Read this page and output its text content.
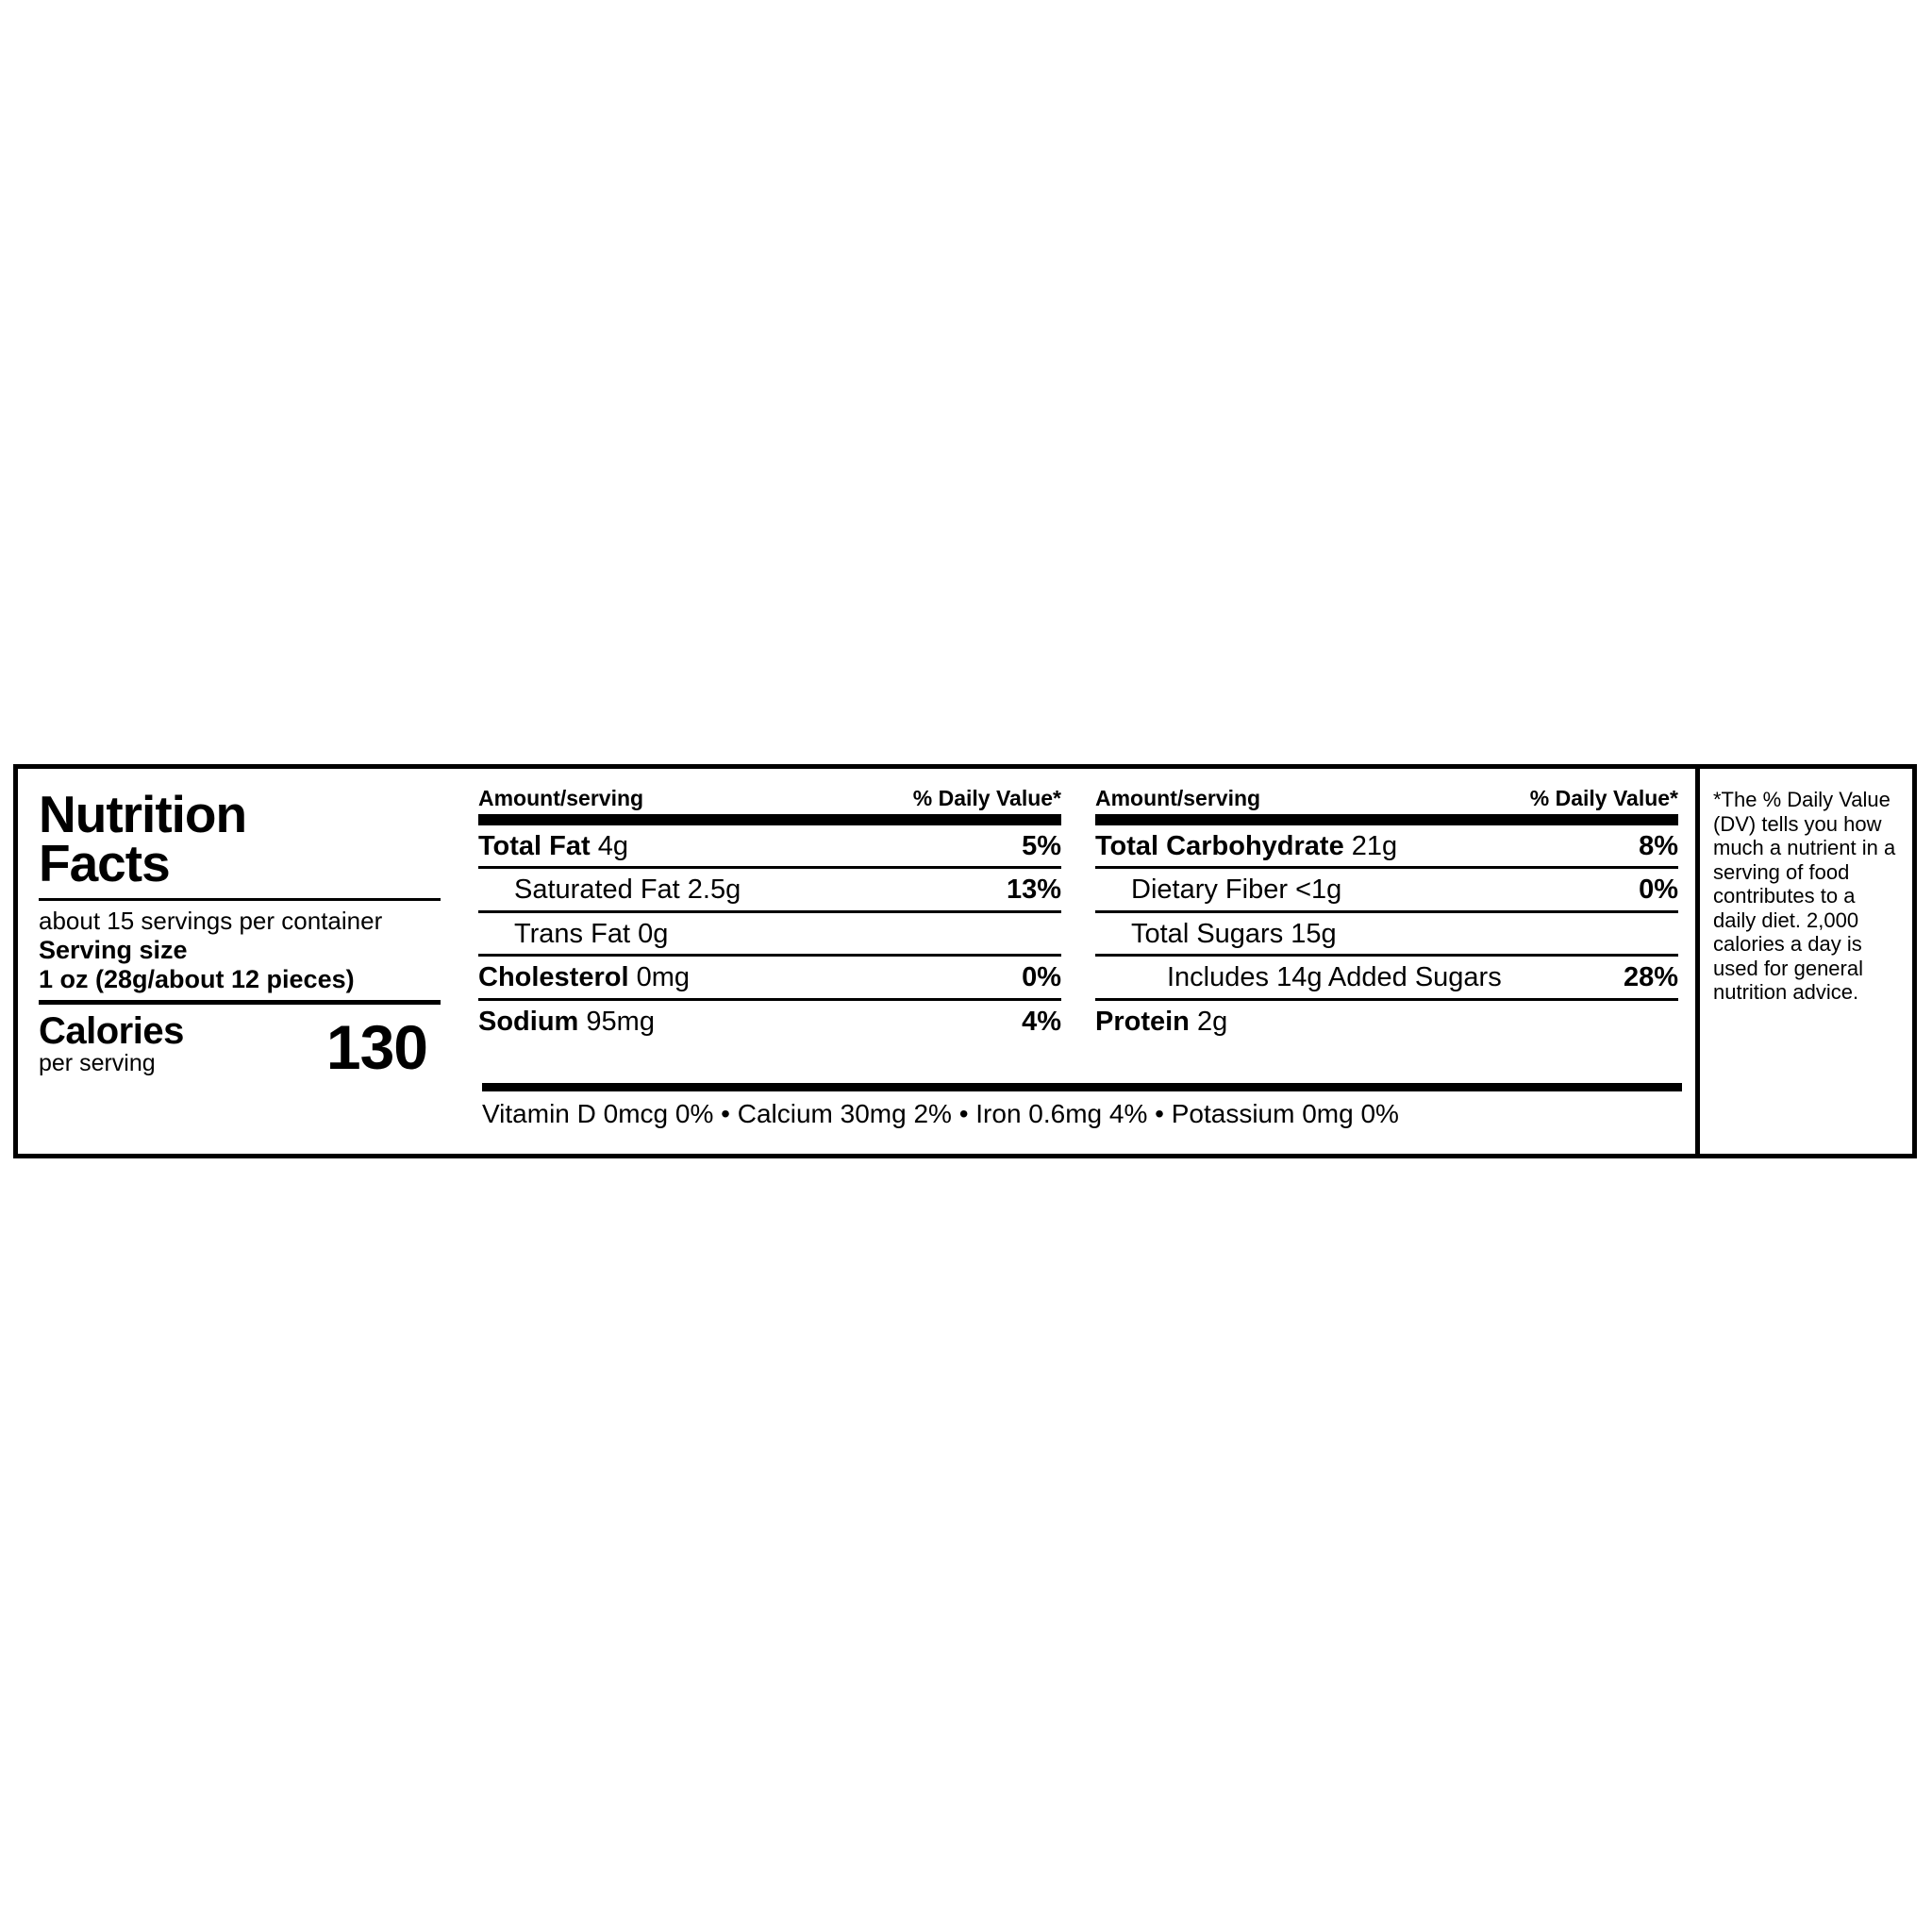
Nutrition
Facts
about 15 servings per container
Serving size
1 oz (28g/about 12 pieces)
Calories
per serving	130
Amount/serving	% Daily Value*
Total Fat 4g	5%
Saturated Fat 2.5g	13%
Trans Fat 0g
Cholesterol 0mg	0%
Sodium 95mg	4%
Amount/serving	% Daily Value*
Total Carbohydrate 21g	8%
Dietary Fiber <1g	0%
Total Sugars 15g
Includes 14g Added Sugars	28%
Protein 2g
Vitamin D 0mcg 0% • Calcium 30mg 2% • Iron 0.6mg 4% • Potassium 0mg 0%
*The % Daily Value (DV) tells you how much a nutrient in a serving of food contributes to a daily diet. 2,000 calories a day is used for general nutrition advice.
